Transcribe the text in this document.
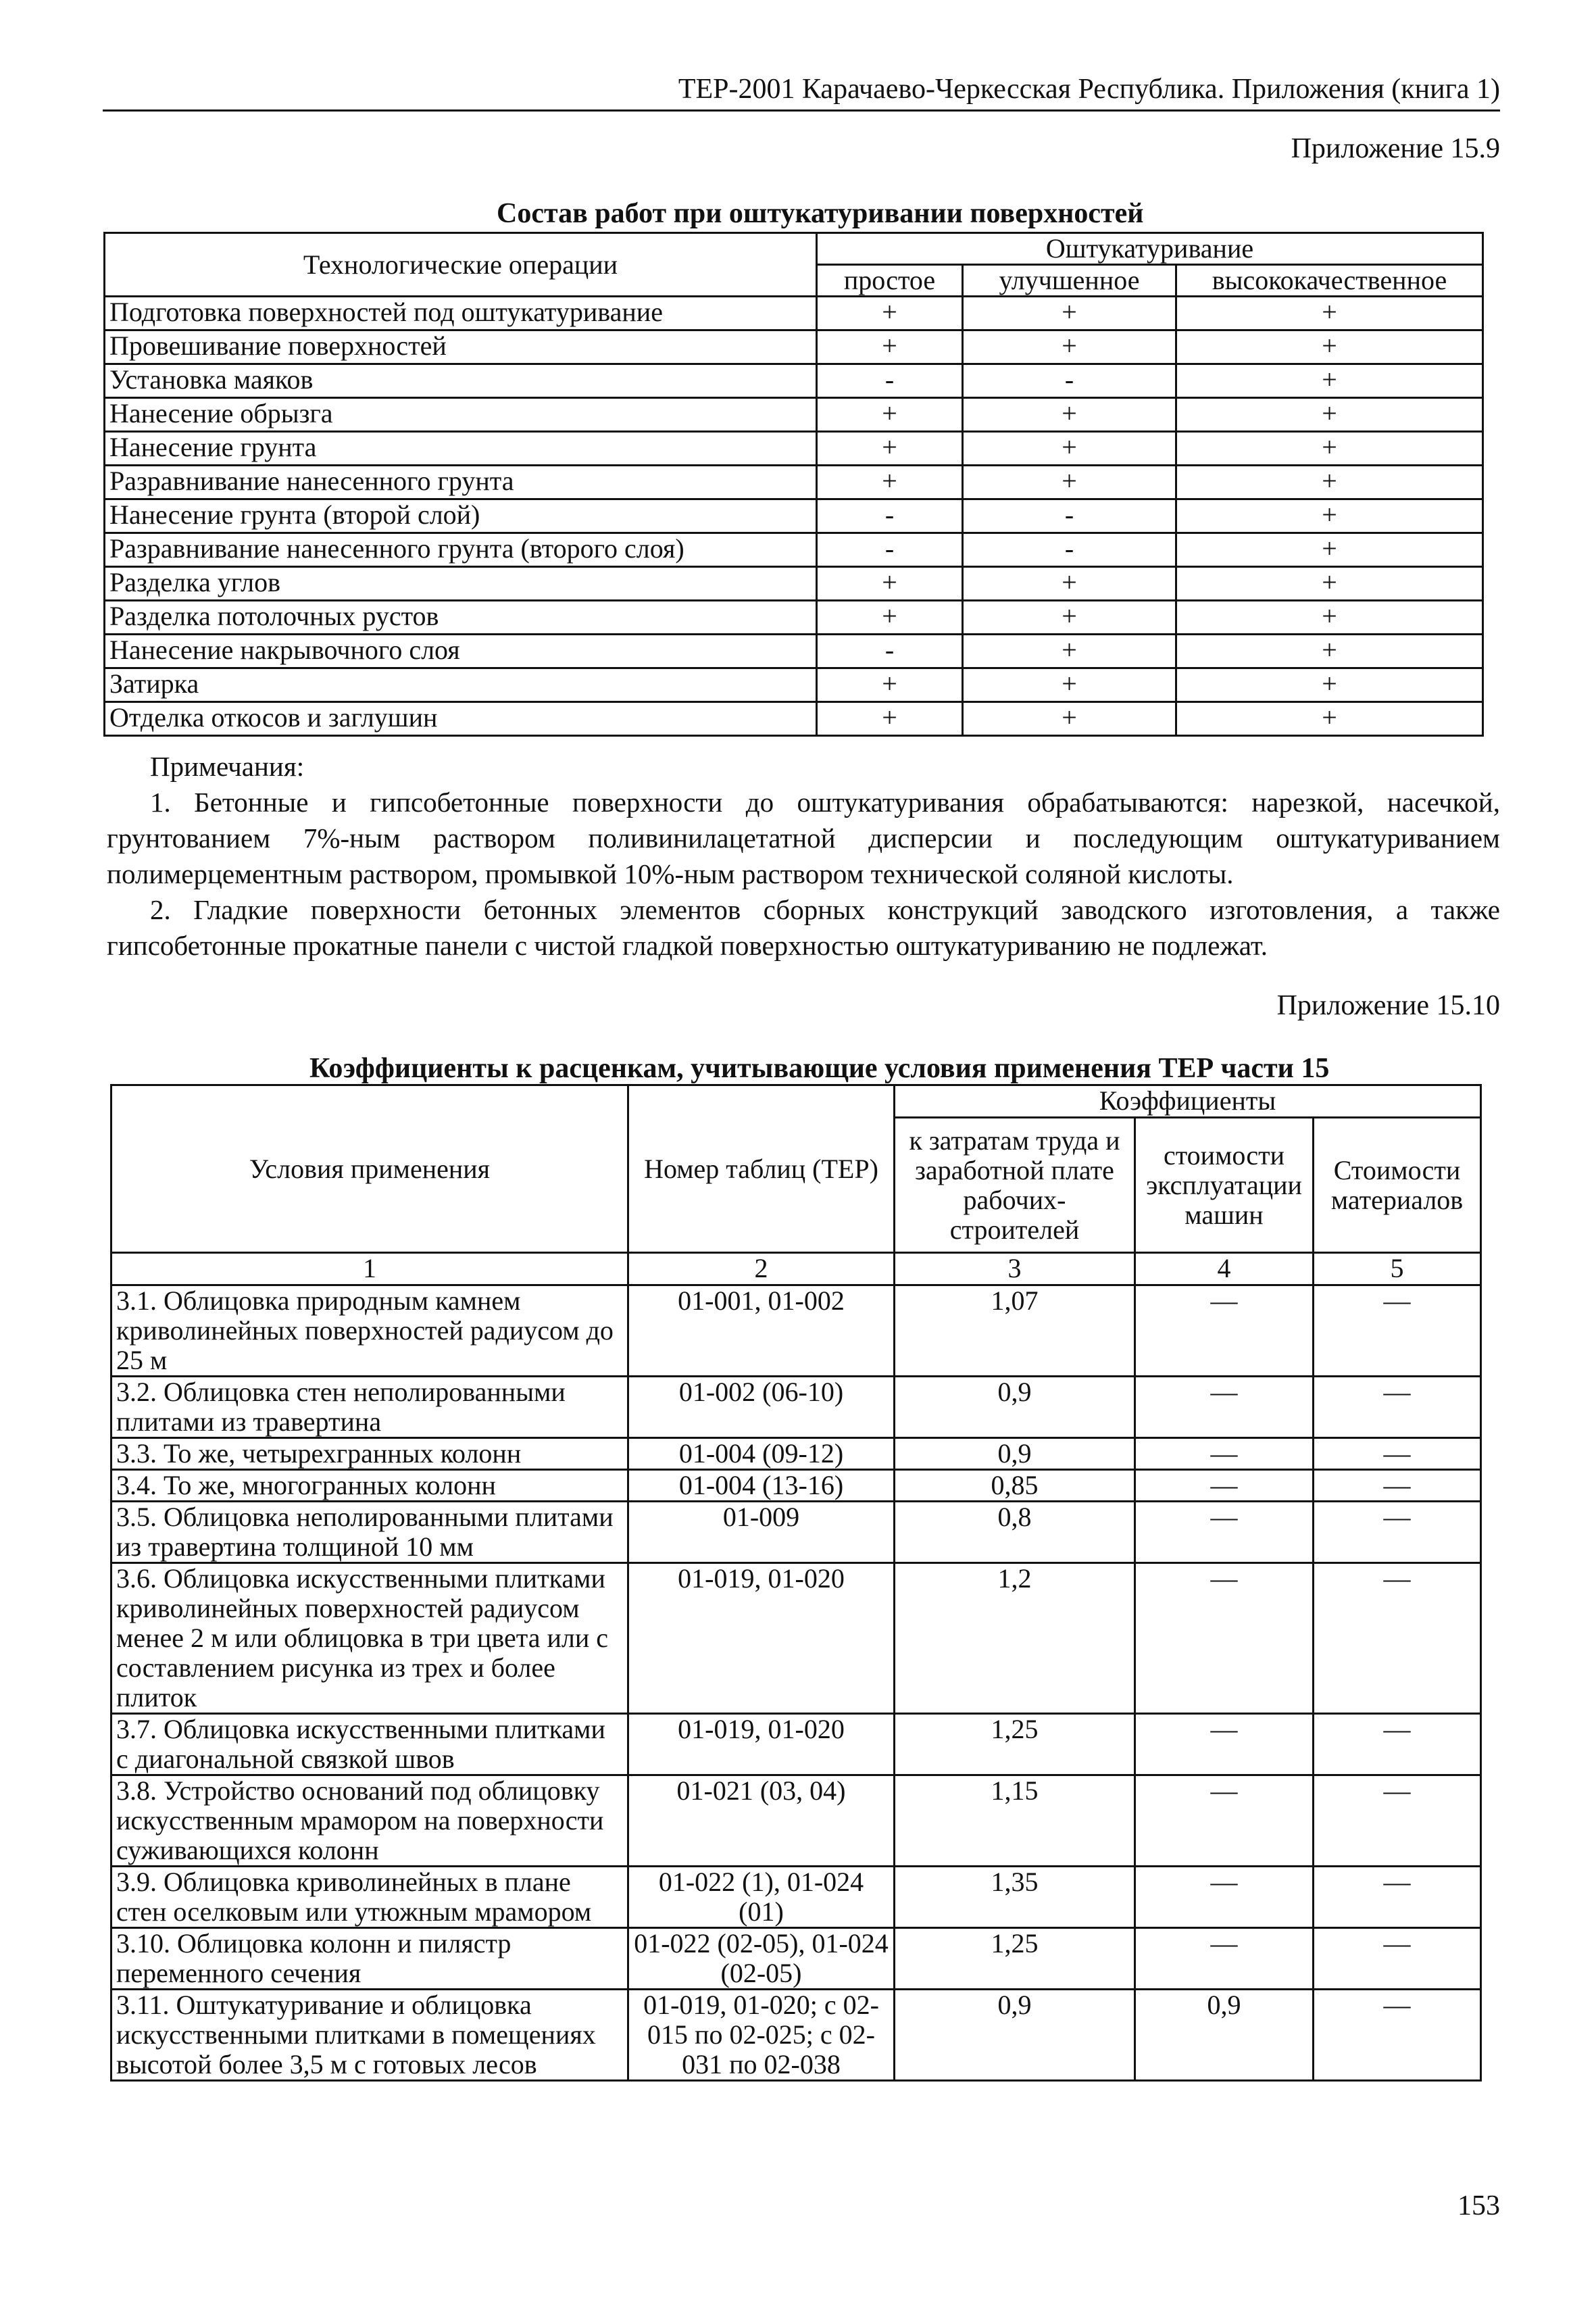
ТЕР-2001 Карачаево-Черкесская Республика. Приложения (книга 1)
Приложение 15.9
Состав работ при оштукатуривании поверхностей
Технологические операции	Оштукатуривание		
	простое	улучшенное	высококачественное
Подготовка поверхностей под оштукатуривание	+	+	+
Провешивание поверхностей	+	+	+
Установка маяков	-	-	+
Нанесение обрызга	+	+	+
Нанесение грунта	+	+	+
Разравнивание нанесенного грунта	+	+	+
Нанесение грунта (второй слой)	-	-	+
Разравнивание нанесенного грунта (второго слоя)	-	-	+
Разделка углов	+	+	+
Разделка потолочных рустов	+	+	+
Нанесение накрывочного слоя	-	+	+
Затирка	+	+	+
Отделка откосов и заглушин	+	+	+

Примечания:

1. Бетонные и гипсобетонные поверхности до оштукатуривания обрабатываются: нарезкой, насечкой, грунтованием 7%-ным раствором поливинилацетатной дисперсии и последующим оштукатуриванием полимерцементным раствором, промывкой 10%-ным раствором технической соляной кислоты.

2. Гладкие поверхности бетонных элементов сборных конструкций заводского изготовления, а также гипсобетонные прокатные панели с чистой гладкой поверхностью оштукатуриванию не подлежат.

Приложение 15.10
Коэффициенты к расценкам, учитывающие условия применения ТЕР части 15
Условия применения	Номер таблиц (ТЕР)	Коэффициенты		
		к затратам труда и заработной плате рабочих-строителей	стоимости эксплуатации машин	Стоимости материалов
1	2	3	4	5
3.1. Облицовка природным камнем криволинейных поверхностей радиусом до 25 м	01-001, 01-002	1,07	—	—
3.2. Облицовка стен неполированными плитами из травертина	01-002 (06-10)	0,9	—	—
3.3. То же, четырехгранных колонн	01-004 (09-12)	0,9	—	—
3.4. То же, многогранных колонн	01-004 (13-16)	0,85	—	—
3.5. Облицовка неполированными плитами из травертина толщиной 10 мм	01-009	0,8	—	—
3.6. Облицовка искусственными плитками криволинейных поверхностей радиусом менее 2 м или облицовка в три цвета или с составлением рисунка из трех и более плиток	01-019, 01-020	1,2	—	—
3.7. Облицовка искусственными плитками с диагональной связкой швов	01-019, 01-020	1,25	—	—
3.8. Устройство оснований под облицовку искусственным мрамором на поверхности суживающихся колонн	01-021 (03, 04)	1,15	—	—
3.9. Облицовка криволинейных в плане стен оселковым или утюжным мрамором	01-022 (1), 01-024 (01)	1,35	—	—
3.10. Облицовка колонн и пилястр переменного сечения	01-022 (02-05), 01-024 (02-05)	1,25	—	—
3.11. Оштукатуривание и облицовка искусственными плитками в помещениях высотой более 3,5 м с готовых лесов	01-019, 01-020; с 02-015 по 02-025; с 02-031 по 02-038	0,9	0,9	—
153
